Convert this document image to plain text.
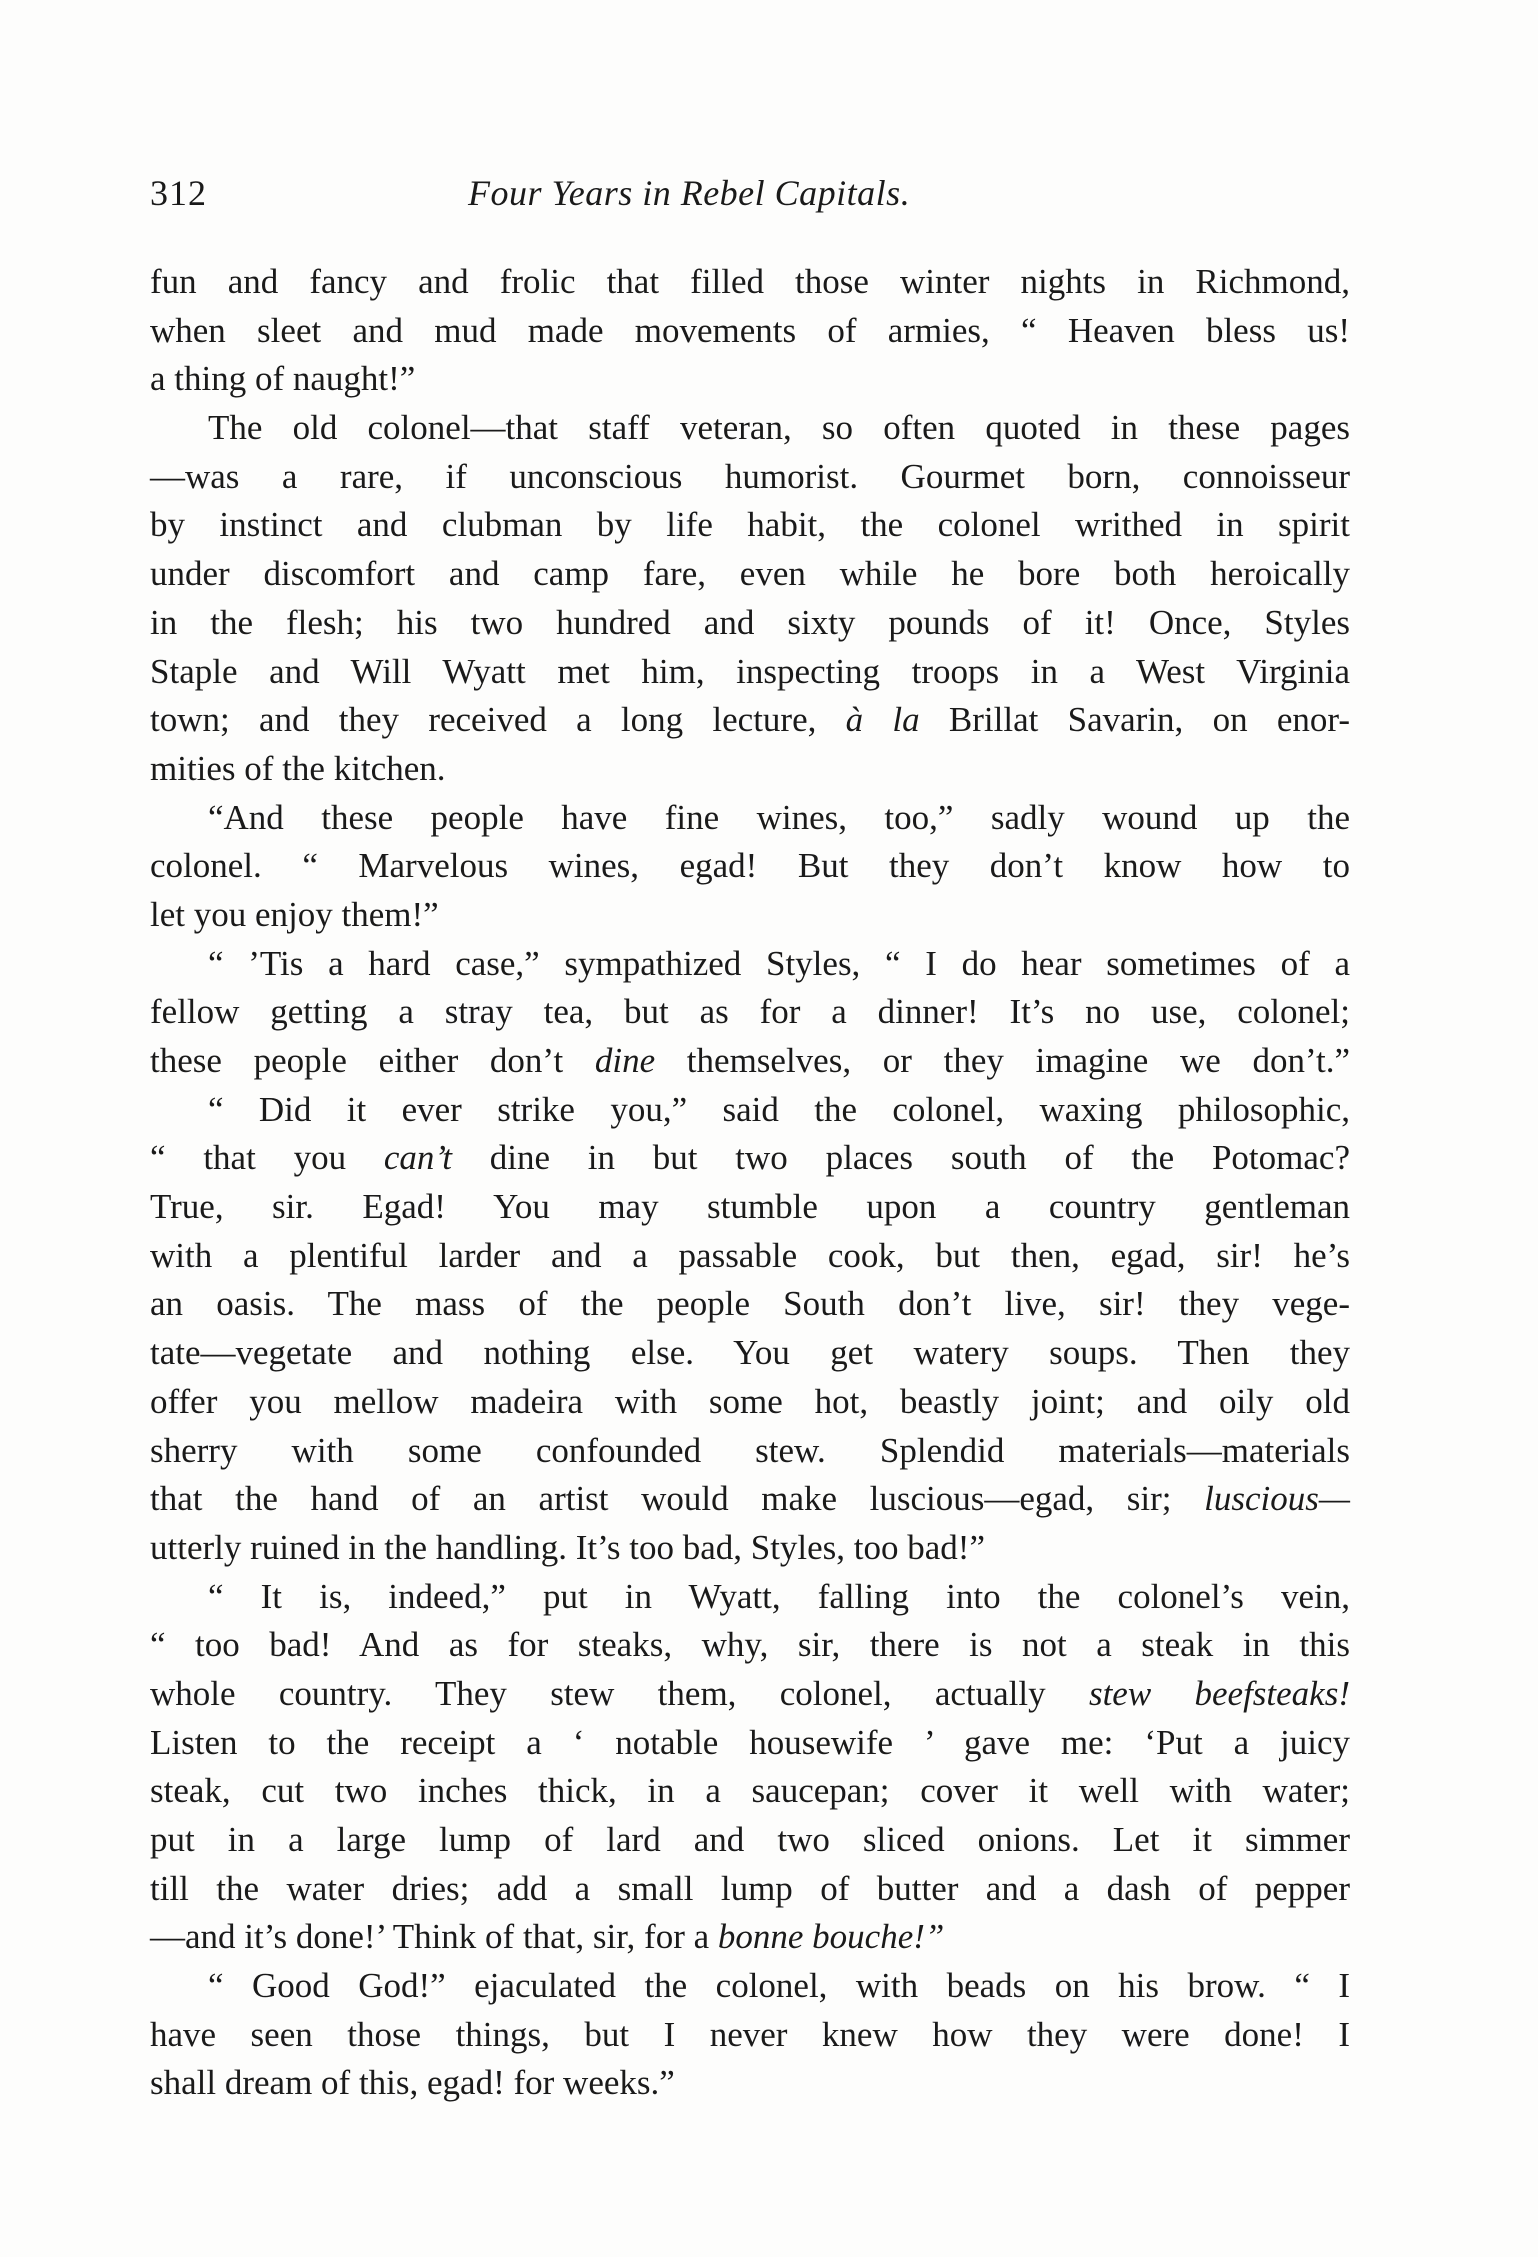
312	Four Years in Rebel Capitals.
fun and fancy and frolic that filled those winter nights in Richmond,
when sleet and mud made movements of armies, “ Heaven bless us!
a thing of naught!”
The old colonel—that staff veteran, so often quoted in these pages
—was a rare, if unconscious humorist. Gourmet born, connoisseur
by instinct and clubman by life habit, the colonel writhed in spirit
under discomfort and camp fare, even while he bore both heroically
in the flesh; his two hundred and sixty pounds of it! Once, Styles
Staple and Will Wyatt met him, inspecting troops in a West Virginia
town; and they received a long lecture, à la Brillat Savarin, on enor-
mities of the kitchen.
“And these people have fine wines, too,” sadly wound up the
colonel. “ Marvelous wines, egad! But they don’t know how to
let you enjoy them!”
“ ’Tis a hard case,” sympathized Styles, “ I do hear sometimes of a
fellow getting a stray tea, but as for a dinner! It’s no use, colonel;
these people either don’t dine themselves, or they imagine we don’t.”
“ Did it ever strike you,” said the colonel, waxing philosophic,
“ that you can’t dine in but two places south of the Potomac?
True, sir. Egad! You may stumble upon a country gentleman
with a plentiful larder and a passable cook, but then, egad, sir! he’s
an oasis. The mass of the people South don’t live, sir! they vege-
tate—vegetate and nothing else. You get watery soups. Then they
offer you mellow madeira with some hot, beastly joint; and oily old
sherry with some confounded stew. Splendid materials—materials
that the hand of an artist would make luscious—egad, sir; luscious—
utterly ruined in the handling. It’s too bad, Styles, too bad!”
“ It is, indeed,” put in Wyatt, falling into the colonel’s vein,
“ too bad! And as for steaks, why, sir, there is not a steak in this
whole country. They stew them, colonel, actually stew beefsteaks!
Listen to the receipt a ‘ notable housewife ’ gave me: ‘Put a juicy
steak, cut two inches thick, in a saucepan; cover it well with water;
put in a large lump of lard and two sliced onions. Let it simmer
till the water dries; add a small lump of butter and a dash of pepper
—and it’s done!’ Think of that, sir, for a bonne bouche!”
“ Good God!” ejaculated the colonel, with beads on his brow. “ I
have seen those things, but I never knew how they were done! I
shall dream of this, egad! for weeks.”
